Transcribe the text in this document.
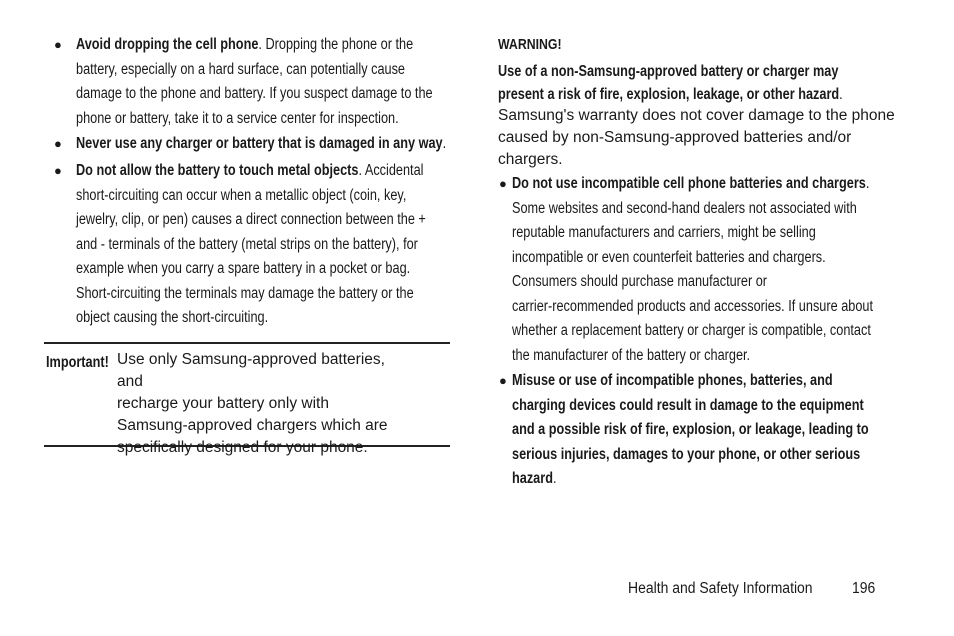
● Avoid dropping the cell phone. Dropping the phone or the
battery, especially on a hard surface, can potentially cause
damage to the phone and battery. If you suspect damage to the
phone or battery, take it to a service center for inspection.
● Never use any charger or battery that is damaged in any way.
● Do not allow the battery to touch metal objects. Accidental
short-circuiting can occur when a metallic object (coin, key,
jewelry, clip, or pen) causes a direct connection between the +
and - terminals of the battery (metal strips on the battery), for
example when you carry a spare battery in a pocket or bag.
Short-circuiting the terminals may damage the battery or the
object causing the short-circuiting.
Important! Use only Samsung-approved batteries, and
recharge your battery only with
Samsung-approved chargers which are
specifically designed for your phone.
WARNING!
Use of a non-Samsung-approved battery or charger may
present a risk of fire, explosion, leakage, or other hazard.
Samsung's warranty does not cover damage to the phone
caused by non-Samsung-approved batteries and/or
chargers.
● Do not use incompatible cell phone batteries and chargers.
Some websites and second-hand dealers not associated with
reputable manufacturers and carriers, might be selling
incompatible or even counterfeit batteries and chargers.
Consumers should purchase manufacturer or
carrier-recommended products and accessories. If unsure about
whether a replacement battery or charger is compatible, contact
the manufacturer of the battery or charger.
● Misuse or use of incompatible phones, batteries, and
charging devices could result in damage to the equipment
and a possible risk of fire, explosion, or leakage, leading to
serious injuries, damages to your phone, or other serious
hazard.
Health and Safety Information	196
